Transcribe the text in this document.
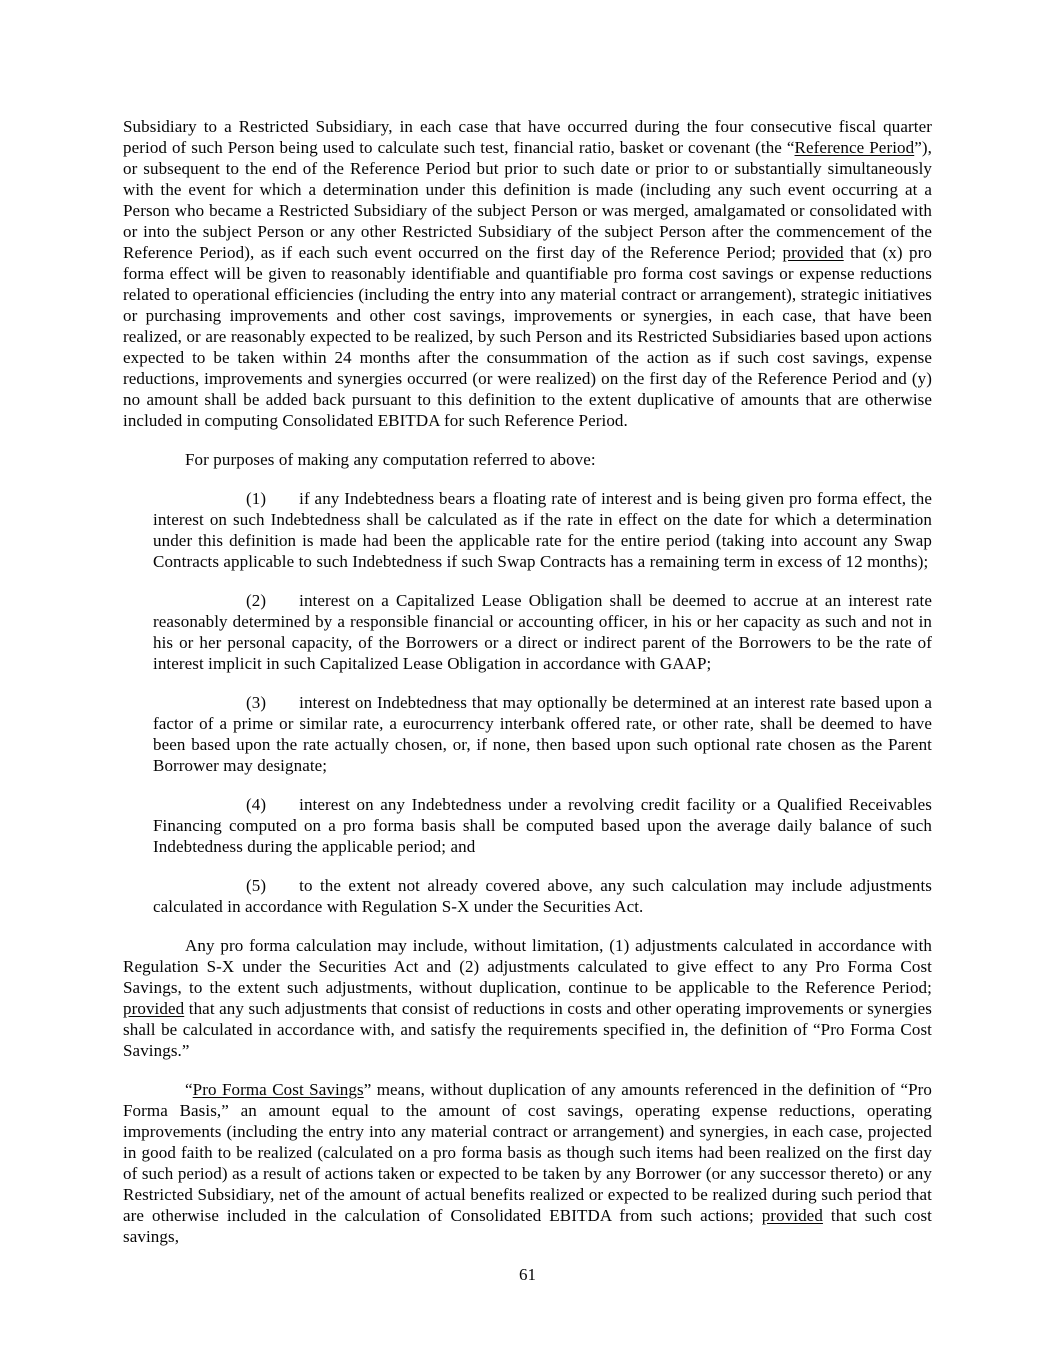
Subsidiary to a Restricted Subsidiary, in each case that have occurred during the four consecutive fiscal quarter period of such Person being used to calculate such test, financial ratio, basket or covenant (the “Reference Period”), or subsequent to the end of the Reference Period but prior to such date or prior to or substantially simultaneously with the event for which a determination under this definition is made (including any such event occurring at a Person who became a Restricted Subsidiary of the subject Person or was merged, amalgamated or consolidated with or into the subject Person or any other Restricted Subsidiary of the subject Person after the commencement of the Reference Period), as if each such event occurred on the first day of the Reference Period; provided that (x) pro forma effect will be given to reasonably identifiable and quantifiable pro forma cost savings or expense reductions related to operational efficiencies (including the entry into any material contract or arrangement), strategic initiatives or purchasing improvements and other cost savings, improvements or synergies, in each case, that have been realized, or are reasonably expected to be realized, by such Person and its Restricted Subsidiaries based upon actions expected to be taken within 24 months after the consummation of the action as if such cost savings, expense reductions, improvements and synergies occurred (or were realized) on the first day of the Reference Period and (y) no amount shall be added back pursuant to this definition to the extent duplicative of amounts that are otherwise included in computing Consolidated EBITDA for such Reference Period.

For purposes of making any computation referred to above:

(1) if any Indebtedness bears a floating rate of interest and is being given pro forma effect, the interest on such Indebtedness shall be calculated as if the rate in effect on the date for which a determination under this definition is made had been the applicable rate for the entire period (taking into account any Swap Contracts applicable to such Indebtedness if such Swap Contracts has a remaining term in excess of 12 months);

(2) interest on a Capitalized Lease Obligation shall be deemed to accrue at an interest rate reasonably determined by a responsible financial or accounting officer, in his or her capacity as such and not in his or her personal capacity, of the Borrowers or a direct or indirect parent of the Borrowers to be the rate of interest implicit in such Capitalized Lease Obligation in accordance with GAAP;

(3) interest on Indebtedness that may optionally be determined at an interest rate based upon a factor of a prime or similar rate, a eurocurrency interbank offered rate, or other rate, shall be deemed to have been based upon the rate actually chosen, or, if none, then based upon such optional rate chosen as the Parent Borrower may designate;

(4) interest on any Indebtedness under a revolving credit facility or a Qualified Receivables Financing computed on a pro forma basis shall be computed based upon the average daily balance of such Indebtedness during the applicable period; and

(5) to the extent not already covered above, any such calculation may include adjustments calculated in accordance with Regulation S-X under the Securities Act.

Any pro forma calculation may include, without limitation, (1) adjustments calculated in accordance with Regulation S-X under the Securities Act and (2) adjustments calculated to give effect to any Pro Forma Cost Savings, to the extent such adjustments, without duplication, continue to be applicable to the Reference Period; provided that any such adjustments that consist of reductions in costs and other operating improvements or synergies shall be calculated in accordance with, and satisfy the requirements specified in, the definition of “Pro Forma Cost Savings.”

“Pro Forma Cost Savings” means, without duplication of any amounts referenced in the definition of “Pro Forma Basis,” an amount equal to the amount of cost savings, operating expense reductions, operating improvements (including the entry into any material contract or arrangement) and synergies, in each case, projected in good faith to be realized (calculated on a pro forma basis as though such items had been realized on the first day of such period) as a result of actions taken or expected to be taken by any Borrower (or any successor thereto) or any Restricted Subsidiary, net of the amount of actual benefits realized or expected to be realized during such period that are otherwise included in the calculation of Consolidated EBITDA from such actions; provided that such cost savings,

61
